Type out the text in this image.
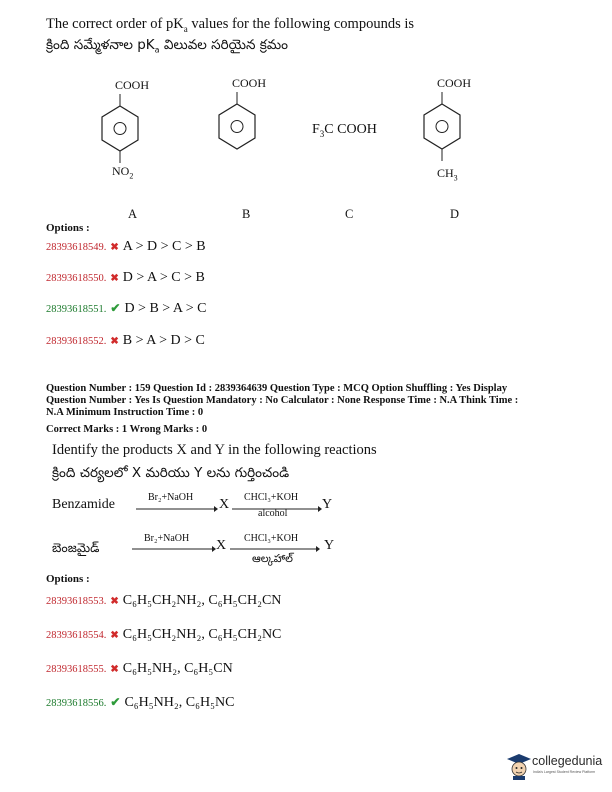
The correct order of $pK_a$ values for the following compounds is
క్రింది సమ్మేళనాల $pK_a$ విలువల సరియైన క్రమం
COOH
$NO_2$
COOH
$F_3C$ COOH
COOH
$CH_3$
A	B	C	D
Options :
28393618549. ✖ A > D > C > B
28393618550. ✖ D > A > C > B
28393618551. ✔ D > B > A > C
28393618552. ✖ B > A > D > C
Question Number : 159 Question Id : 2839364639 Question Type : MCQ Option Shuffling : Yes Display
Question Number : Yes Is Question Mandatory : No Calculator : None Response Time : N.A Think Time :
N.A Minimum Instruction Time : 0
Correct Marks : 1 Wrong Marks : 0
Identify the products X and Y in the following reactions
క్రింది చర్యలలో X మరియు Y లను గుర్తించండి
Benzamide	Br₂+NaOH X CHCl₃+KOH
alcohol
Y
బెంజమైడ్
Br₂+NaOH X CHCl₃+KOH
ఆల్కహాల్
Y
Options :
28393618553. ✖ C₆H₅CH₂NH₂, C₆H₅CH₂CN
28393618554. ✖ C₆H₅CH₂NH₂, C₆H₅CH₂NC
28393618555. ✖ C₆H₅NH₂, C₆H₅CN
28393618556. ✔ C₆H₅NH₂, C₆H₅NC
collegedunia
India's Largest Student Review Platform
